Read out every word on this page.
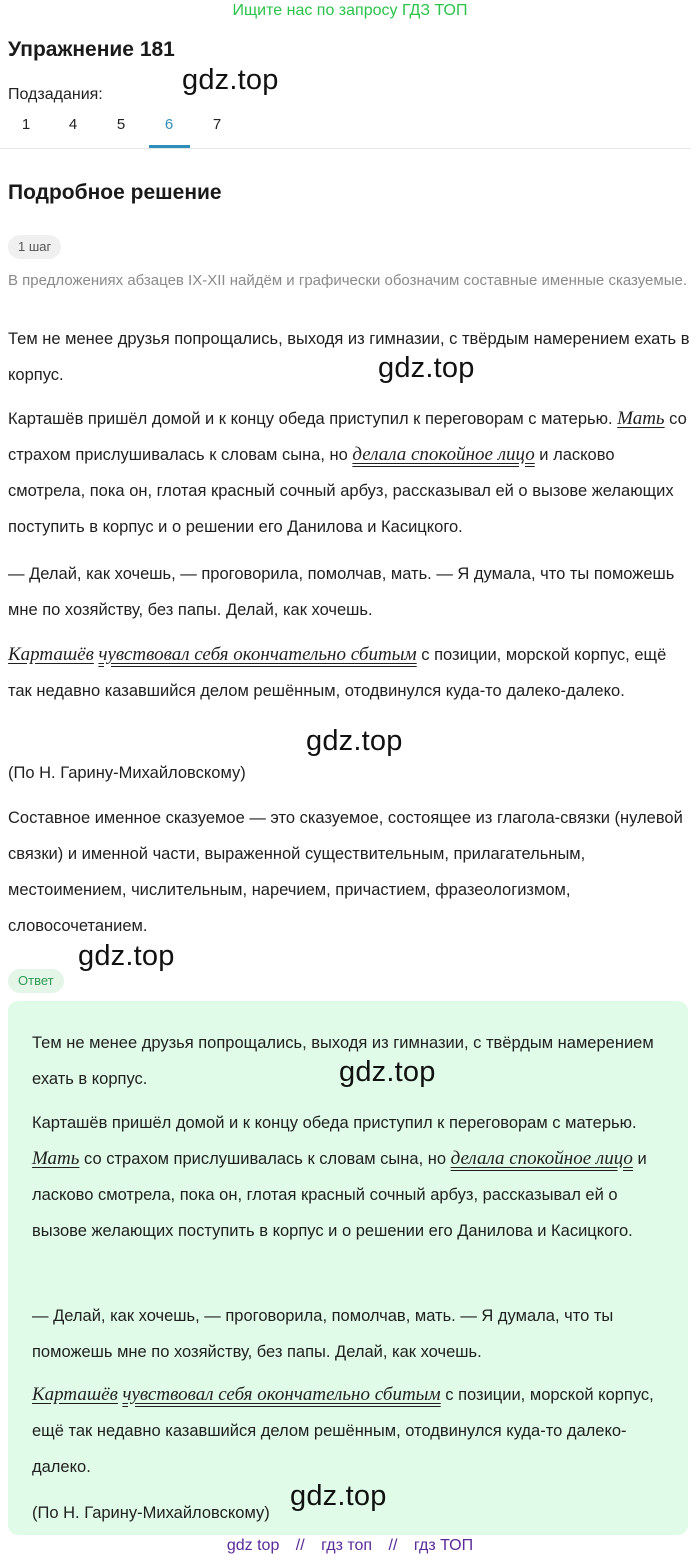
Ищите нас по запросу ГДЗ ТОП
Упражнение 181
Подзадания:
1	4	5	6	7
Подробное решение
1 шаг

В предложениях абзацев IX-XII найдём и графически обозначим составные именные сказуемые.

Тем не менее друзья попрощались, выходя из гимназии, с твёрдым намерением ехать в корпус.

Карташёв пришёл домой и к концу обеда приступил к переговорам с матерью. Мать со страхом прислушивалась к словам сына, но делала спокойное лицо и ласково смотрела, пока он, глотая красный сочный арбуз, рассказывал ей о вызове желающих поступить в корпус и о решении его Данилова и Касицкого.

— Делай, как хочешь, — проговорила, помолчав, мать. — Я думала, что ты поможешь мне по хозяйству, без папы. Делай, как хочешь.

Карташёв чувствовал себя окончательно сбитым с позиции, морской корпус, ещё так недавно казавшийся делом решённым, отодвинулся куда-то далеко-далеко.

(По Н. Гарину-Михайловскому)

Составное именное сказуемое — это сказуемое, состоящее из глагола-связки (нулевой связки) и именной части, выраженной существительным, прилагательным, местоимением, числительным, наречием, причастием, фразеологизмом, словосочетанием.

Ответ

Тем не менее друзья попрощались, выходя из гимназии, с твёрдым намерением ехать в корпус.

Карташёв пришёл домой и к концу обеда приступил к переговорам с матерью. Мать со страхом прислушивалась к словам сына, но делала спокойное лицо и ласково смотрела, пока он, глотая красный сочный арбуз, рассказывал ей о вызове желающих поступить в корпус и о решении его Данилова и Касицкого.

— Делай, как хочешь, — проговорила, помолчав, мать. — Я думала, что ты поможешь мне по хозяйству, без папы. Делай, как хочешь.

Карташёв чувствовал себя окончательно сбитым с позиции, морской корпус, ещё так недавно казавшийся делом решённым, отодвинулся куда-то далеко-далеко.

(По Н. Гарину-Михайловскому)

gdz.top
gdz.top
gdz.top
gdz.top
gdz.top
gdz.top
gdz top // гдз топ // гдз ТОП
